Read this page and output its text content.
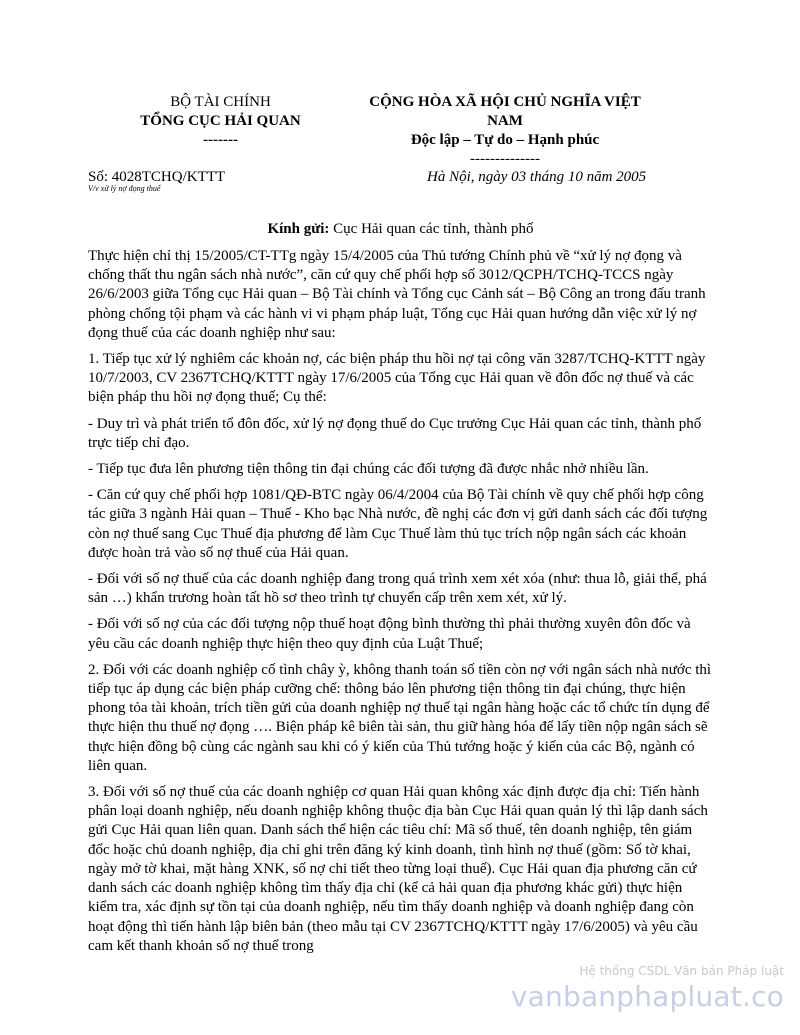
BỘ TÀI CHÍNH
TỔNG CỤC HẢI QUAN
-------
CỘNG HÒA XÃ HỘI CHỦ NGHĨA VIỆT
NAM
Độc lập – Tự do – Hạnh phúc
--------------
Số: 4028TCHQ/KTTT
V/v xử lý nợ đọng thuế
Hà Nội, ngày 03 tháng 10 năm 2005
Kính gửi: Cục Hải quan các tỉnh, thành phố

Thực hiện chỉ thị 15/2005/CT-TTg ngày 15/4/2005 của Thủ tướng Chính phủ về “xử lý nợ đọng và chống thất thu ngân sách nhà nước”, căn cứ quy chế phối hợp số 3012/QCPH/TCHQ-TCCS ngày 26/6/2003 giữa Tổng cục Hải quan – Bộ Tài chính và Tổng cục Cảnh sát – Bộ Công an trong đấu tranh phòng chống tội phạm và các hành vi vi phạm pháp luật, Tổng cục Hải quan hướng dẫn việc xử lý nợ đọng thuế của các doanh nghiệp như sau:

1. Tiếp tục xử lý nghiêm các khoản nợ, các biện pháp thu hồi nợ tại công văn 3287/TCHQ-KTTT ngày 10/7/2003, CV 2367TCHQ/KTTT ngày 17/6/2005 của Tổng cục Hải quan về đôn đốc nợ thuế và các biện pháp thu hồi nợ đọng thuế; Cụ thể:

- Duy trì và phát triển tổ đôn đốc, xử lý nợ đọng thuế do Cục trưởng Cục Hải quan các tỉnh, thành phố trực tiếp chỉ đạo.

- Tiếp tục đưa lên phương tiện thông tin đại chúng các đối tượng đã được nhắc nhở nhiều lần.

- Căn cứ quy chế phối hợp 1081/QĐ-BTC ngày 06/4/2004 của Bộ Tài chính về quy chế phối hợp công tác giữa 3 ngành Hải quan – Thuế - Kho bạc Nhà nước, đề nghị các đơn vị gửi danh sách các đối tượng còn nợ thuế sang Cục Thuế địa phương để làm Cục Thuế làm thủ tục trích nộp ngân sách các khoản được hoàn trả vào số nợ thuế của Hải quan.

- Đối với số nợ thuế của các doanh nghiệp đang trong quá trình xem xét xóa (như: thua lỗ, giải thể, phá sản …) khẩn trương hoàn tất hồ sơ theo trình tự chuyển cấp trên xem xét, xử lý.

- Đối với số nợ của các đối tượng nộp thuế hoạt động bình thường thì phải thường xuyên đôn đốc và yêu cầu các doanh nghiệp thực hiện theo quy định của Luật Thuế;

2. Đối với các doanh nghiệp cố tình chây ỳ, không thanh toán số tiền còn nợ với ngân sách nhà nước thì tiếp tục áp dụng các biện pháp cưỡng chế: thông báo lên phương tiện thông tin đại chúng, thực hiện phong tỏa tài khoản, trích tiền gửi của doanh nghiệp nợ thuế tại ngân hàng hoặc các tổ chức tín dụng để thực hiện thu thuế nợ đọng …. Biện pháp kê biên tài sản, thu giữ hàng hóa để lấy tiền nộp ngân sách sẽ thực hiện đồng bộ cùng các ngành sau khi có ý kiến của Thủ tướng hoặc ý kiến của các Bộ, ngành có liên quan.

3. Đối với số nợ thuế của các doanh nghiệp cơ quan Hải quan không xác định được địa chỉ: Tiến hành phân loại doanh nghiệp, nếu doanh nghiệp không thuộc địa bàn Cục Hải quan quản lý thì lập danh sách gửi Cục Hải quan liên quan. Danh sách thể hiện các tiêu chí: Mã số thuế, tên doanh nghiệp, tên giám đốc hoặc chủ doanh nghiệp, địa chỉ ghi trên đăng ký kinh doanh, tình hình nợ thuế (gồm: Số tờ khai, ngày mở tờ khai, mặt hàng XNK, số nợ chi tiết theo từng loại thuế). Cục Hải quan địa phương căn cứ danh sách các doanh nghiệp không tìm thấy địa chỉ (kể cả hải quan địa phương khác gửi) thực hiện kiểm tra, xác định sự tồn tại của doanh nghiệp, nếu tìm thấy doanh nghiệp và doanh nghiệp đang còn hoạt động thì tiến hành lập biên bản (theo mẫu tại CV 2367TCHQ/KTTT ngày 17/6/2005) và yêu cầu cam kết thanh khoản số nợ thuế trong

Hệ thống CSDL Văn bản Pháp luật
vanbanphapluat.co
